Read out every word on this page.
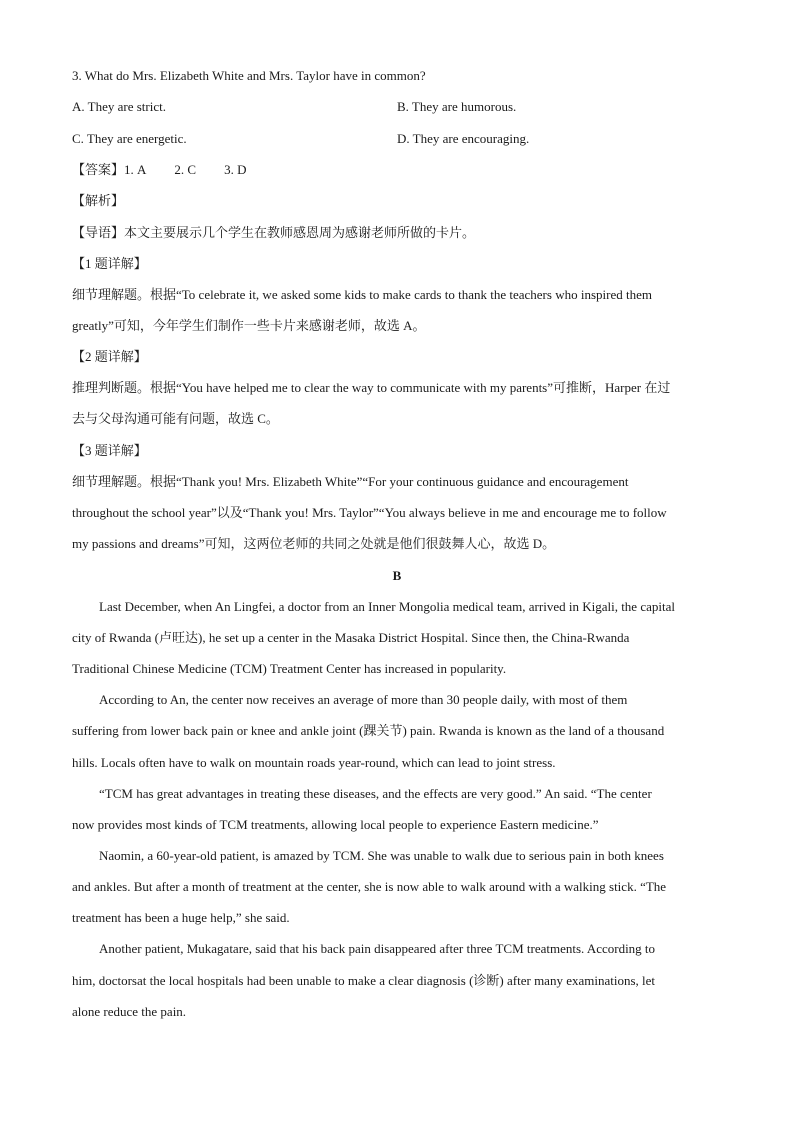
3. What do Mrs. Elizabeth White and Mrs. Taylor have in common?
A. They are strict.	B. They are humorous.
C. They are energetic.	D. They are encouraging.
【答案】1. A 2. C 3. D
【解析】
【导语】本文主要展示几个学生在教师感恩周为感谢老师所做的卡片。
【1 题详解】
细节理解题。根据“To celebrate it, we asked some kids to make cards to thank the teachers who inspired them
greatly”可知，今年学生们制作一些卡片来感谢老师，故选 A。
【2 题详解】
推理判断题。根据“You have helped me to clear the way to communicate with my parents”可推断，Harper 在过
去与父母沟通可能有问题，故选 C。
【3 题详解】
细节理解题。根据“Thank you! Mrs. Elizabeth White”“For your continuous guidance and encouragement
throughout the school year”以及“Thank you! Mrs. Taylor”“You always believe in me and encourage me to follow
my passions and dreams”可知，这两位老师的共同之处就是他们很鼓舞人心，故选 D。
B
Last December, when An Lingfei, a doctor from an Inner Mongolia medical team, arrived in Kigali, the capital
city of Rwanda (卢旺达), he set up a center in the Masaka District Hospital. Since then, the China-Rwanda
Traditional Chinese Medicine (TCM) Treatment Center has increased in popularity.
According to An, the center now receives an average of more than 30 people daily, with most of them
suffering from lower back pain or knee and ankle joint (踝关节) pain. Rwanda is known as the land of a thousand
hills. Locals often have to walk on mountain roads year-round, which can lead to joint stress.
“TCM has great advantages in treating these diseases, and the effects are very good.” An said. “The center
now provides most kinds of TCM treatments, allowing local people to experience Eastern medicine.”
Naomin, a 60-year-old patient, is amazed by TCM. She was unable to walk due to serious pain in both knees
and ankles. But after a month of treatment at the center, she is now able to walk around with a walking stick. “The
treatment has been a huge help,” she said.
Another patient, Mukagatare, said that his back pain disappeared after three TCM treatments. According to
him, doctorsat the local hospitals had been unable to make a clear diagnosis (诊断) after many examinations, let
alone reduce the pain.
